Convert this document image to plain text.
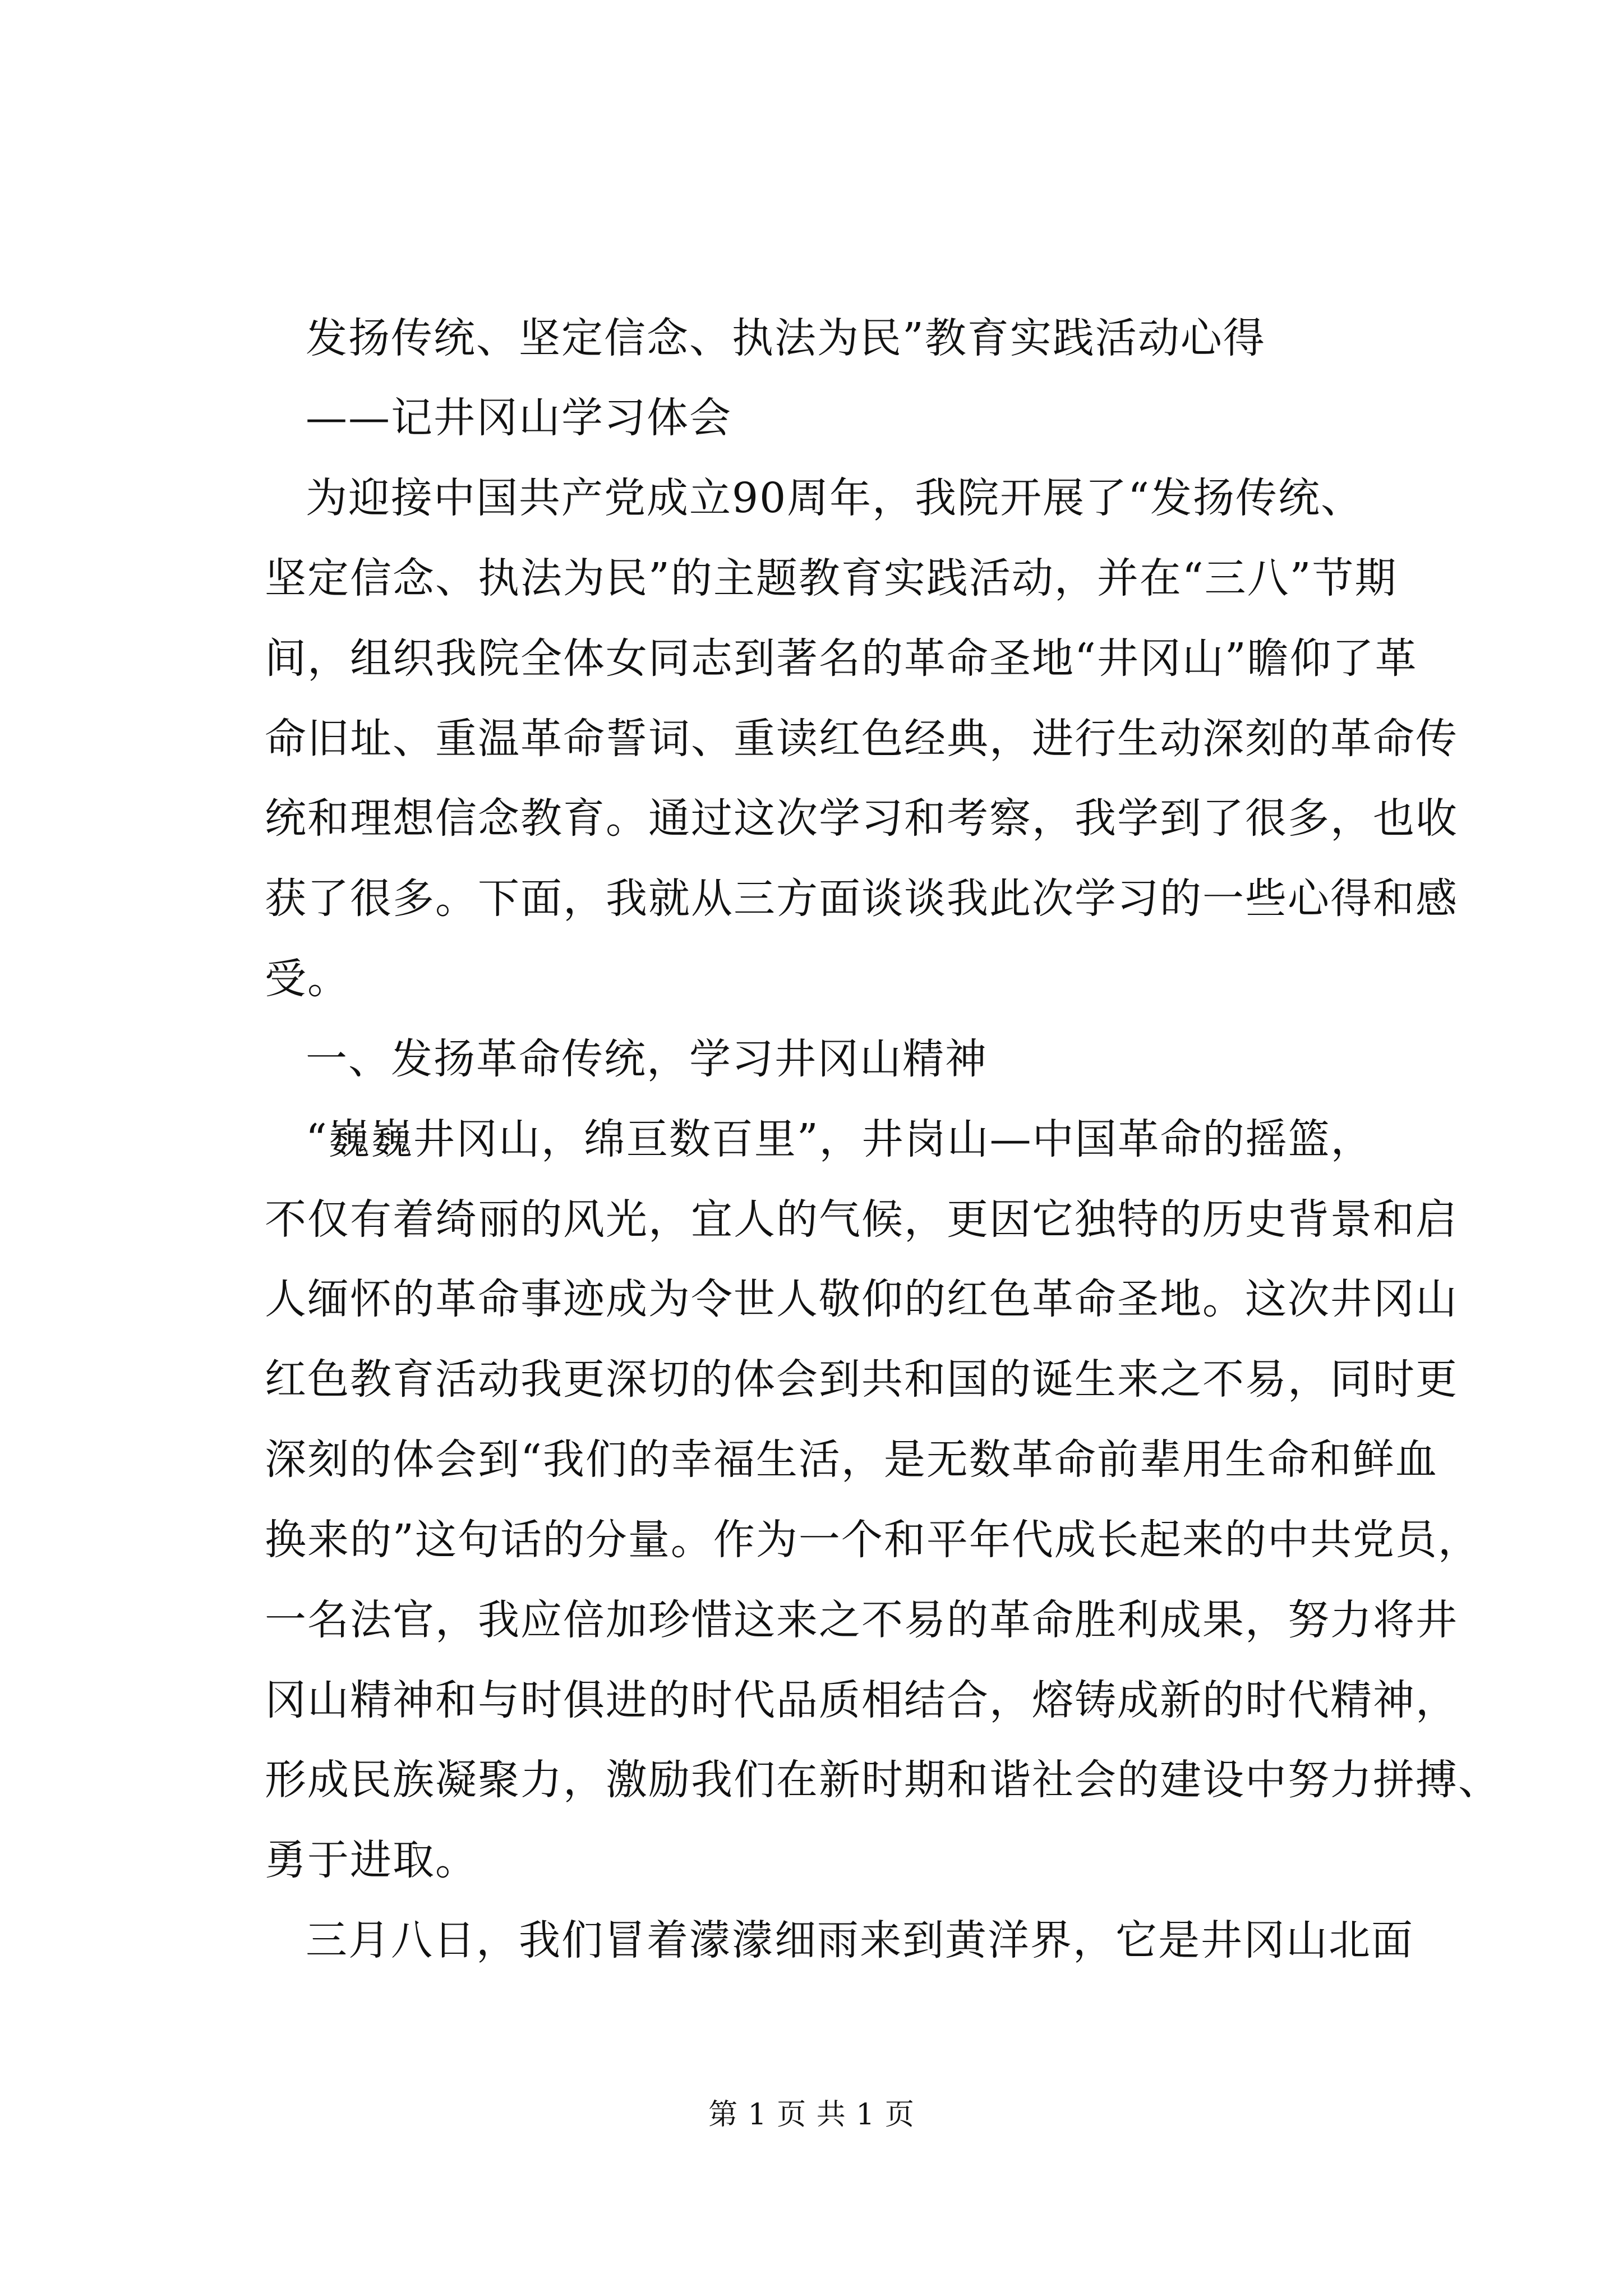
发扬传统、坚定信念、执法为民”教育实践活动心得
——记井冈山学习体会
为迎接中国共产党成立90周年，我院开展了“发扬传统、
坚定信念、执法为民”的主题教育实践活动，并在“三八”节期
间，组织我院全体女同志到著名的革命圣地“井冈山”瞻仰了革
命旧址、重温革命誓词、重读红色经典，进行生动深刻的革命传
统和理想信念教育。通过这次学习和考察，我学到了很多，也收
获了很多。下面，我就从三方面谈谈我此次学习的一些心得和感
受。
一、发扬革命传统，学习井冈山精神
“巍巍井冈山，绵亘数百里”，井岗山—中国革命的摇篮，
不仅有着绮丽的风光，宜人的气候，更因它独特的历史背景和启
人缅怀的革命事迹成为令世人敬仰的红色革命圣地。这次井冈山
红色教育活动我更深切的体会到共和国的诞生来之不易，同时更
深刻的体会到“我们的幸福生活，是无数革命前辈用生命和鲜血
换来的”这句话的分量。作为一个和平年代成长起来的中共党员，
一名法官，我应倍加珍惜这来之不易的革命胜利成果，努力将井
冈山精神和与时俱进的时代品质相结合，熔铸成新的时代精神，
形成民族凝聚力，激励我们在新时期和谐社会的建设中努力拼搏、
勇于进取。
三月八日，我们冒着濛濛细雨来到黄洋界，它是井冈山北面
第 1 页 共 1 页
